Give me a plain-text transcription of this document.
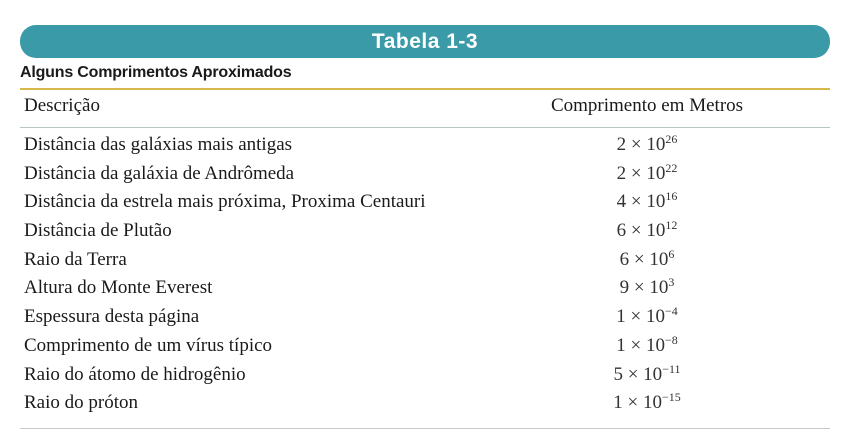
Tabela 1-3
Alguns Comprimentos Aproximados
Descrição	Comprimento em Metros
Distância das galáxias mais antigas	$2 \times 10^{26}$
Distância da galáxia de Andrômeda	$2 \times 10^{22}$
Distância da estrela mais próxima, Proxima Centauri	$4 \times 10^{16}$
Distância de Plutão	$6 \times 10^{12}$
Raio da Terra	$6 \times 10^6$
Altura do Monte Everest	$9 \times 10^3$
Espessura desta página	$1 \times 10^{-4}$
Comprimento de um vírus típico	$1 \times 10^{-8}$
Raio do átomo de hidrogênio	$5 \times 10^{-11}$
Raio do próton	$1 \times 10^{-15}$
